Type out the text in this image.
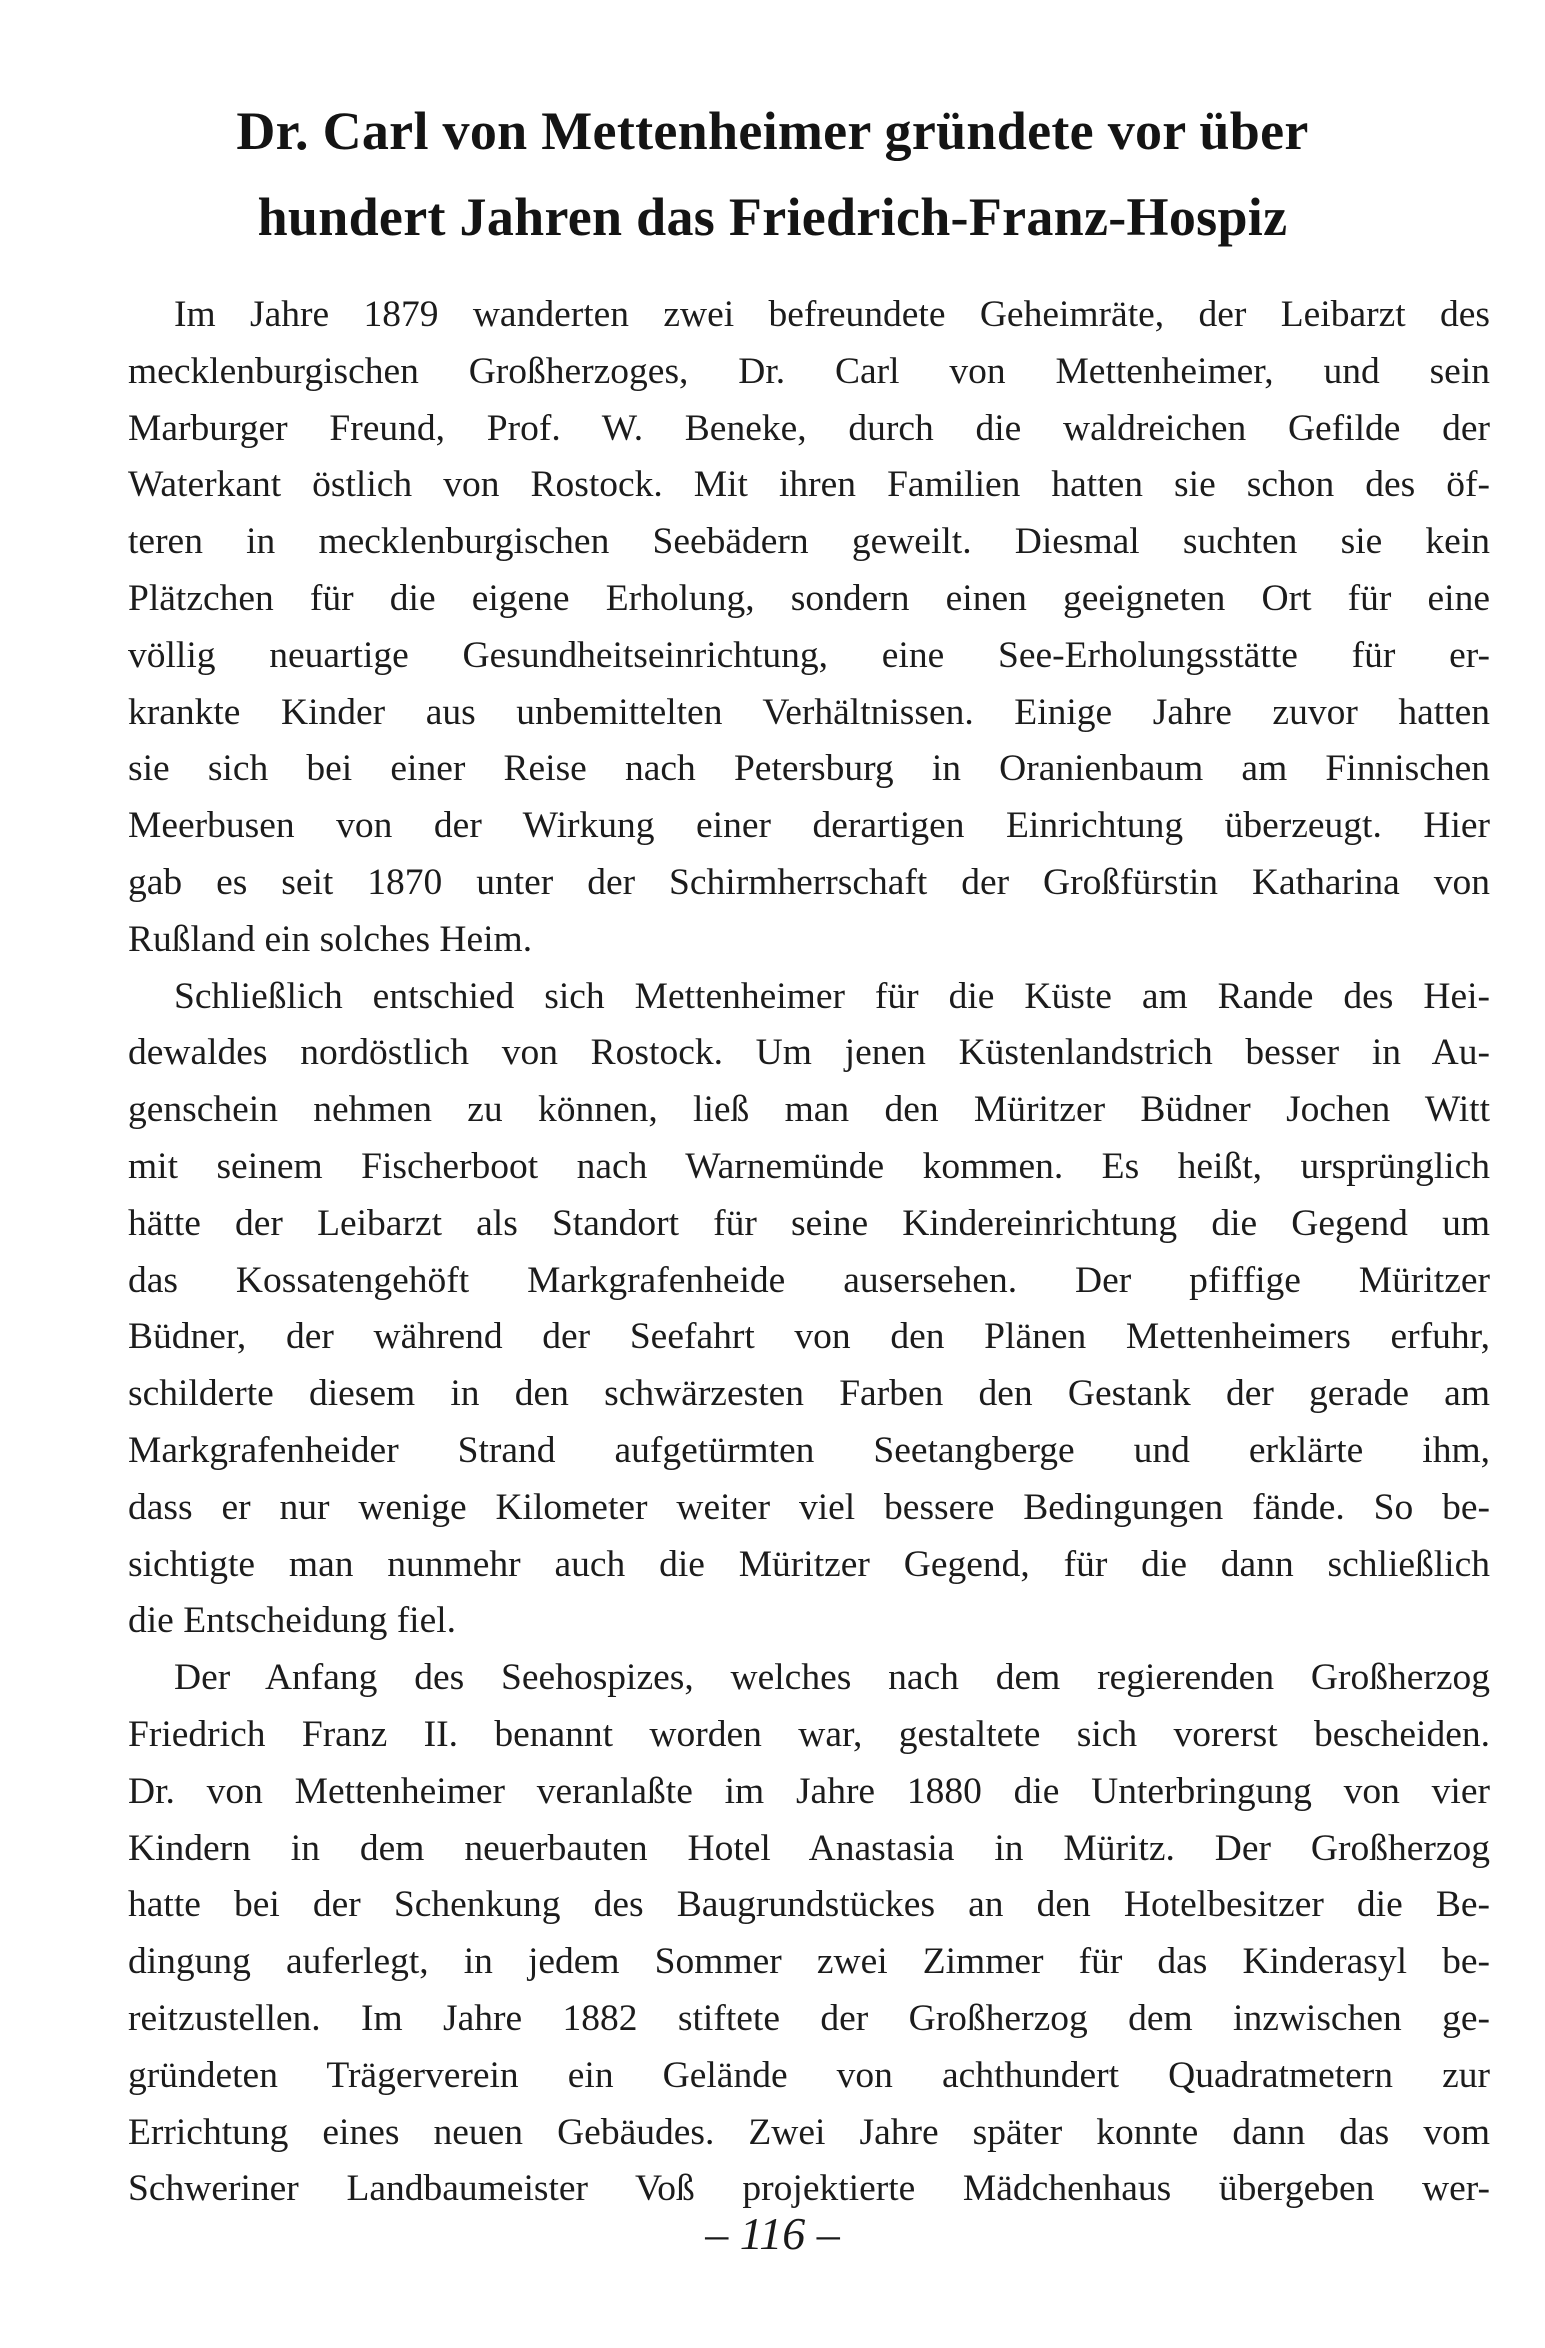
Dr. Carl von Mettenheimer gründete vor über
hundert Jahren das Friedrich-Franz-Hospiz
Im Jahre 1879 wanderten zwei befreundete Geheimräte, der Leibarzt des
mecklenburgischen Großherzoges, Dr. Carl von Mettenheimer, und sein
Marburger Freund, Prof. W. Beneke, durch die waldreichen Gefilde der
Waterkant östlich von Rostock. Mit ihren Familien hatten sie schon des öf-
teren in mecklenburgischen Seebädern geweilt. Diesmal suchten sie kein
Plätzchen für die eigene Erholung, sondern einen geeigneten Ort für eine
völlig neuartige Gesundheitseinrichtung, eine See-Erholungsstätte für er-
krankte Kinder aus unbemittelten Verhältnissen. Einige Jahre zuvor hatten
sie sich bei einer Reise nach Petersburg in Oranienbaum am Finnischen
Meerbusen von der Wirkung einer derartigen Einrichtung überzeugt. Hier
gab es seit 1870 unter der Schirmherrschaft der Großfürstin Katharina von
Rußland ein solches Heim.
Schließlich entschied sich Mettenheimer für die Küste am Rande des Hei-
dewaldes nordöstlich von Rostock. Um jenen Küstenlandstrich besser in Au-
genschein nehmen zu können, ließ man den Müritzer Büdner Jochen Witt
mit seinem Fischerboot nach Warnemünde kommen. Es heißt, ursprünglich
hätte der Leibarzt als Standort für seine Kindereinrichtung die Gegend um
das Kossatengehöft Markgrafenheide ausersehen. Der pfiffige Müritzer
Büdner, der während der Seefahrt von den Plänen Mettenheimers erfuhr,
schilderte diesem in den schwärzesten Farben den Gestank der gerade am
Markgrafenheider Strand aufgetürmten Seetangberge und erklärte ihm,
dass er nur wenige Kilometer weiter viel bessere Bedingungen fände. So be-
sichtigte man nunmehr auch die Müritzer Gegend, für die dann schließlich
die Entscheidung fiel.
Der Anfang des Seehospizes, welches nach dem regierenden Großherzog
Friedrich Franz II. benannt worden war, gestaltete sich vorerst bescheiden.
Dr. von Mettenheimer veranlaßte im Jahre 1880 die Unterbringung von vier
Kindern in dem neuerbauten Hotel Anastasia in Müritz. Der Großherzog
hatte bei der Schenkung des Baugrundstückes an den Hotelbesitzer die Be-
dingung auferlegt, in jedem Sommer zwei Zimmer für das Kinderasyl be-
reitzustellen. Im Jahre 1882 stiftete der Großherzog dem inzwischen ge-
gründeten Trägerverein ein Gelände von achthundert Quadratmetern zur
Errichtung eines neuen Gebäudes. Zwei Jahre später konnte dann das vom
Schweriner Landbaumeister Voß projektierte Mädchenhaus übergeben wer-
– 116 –
